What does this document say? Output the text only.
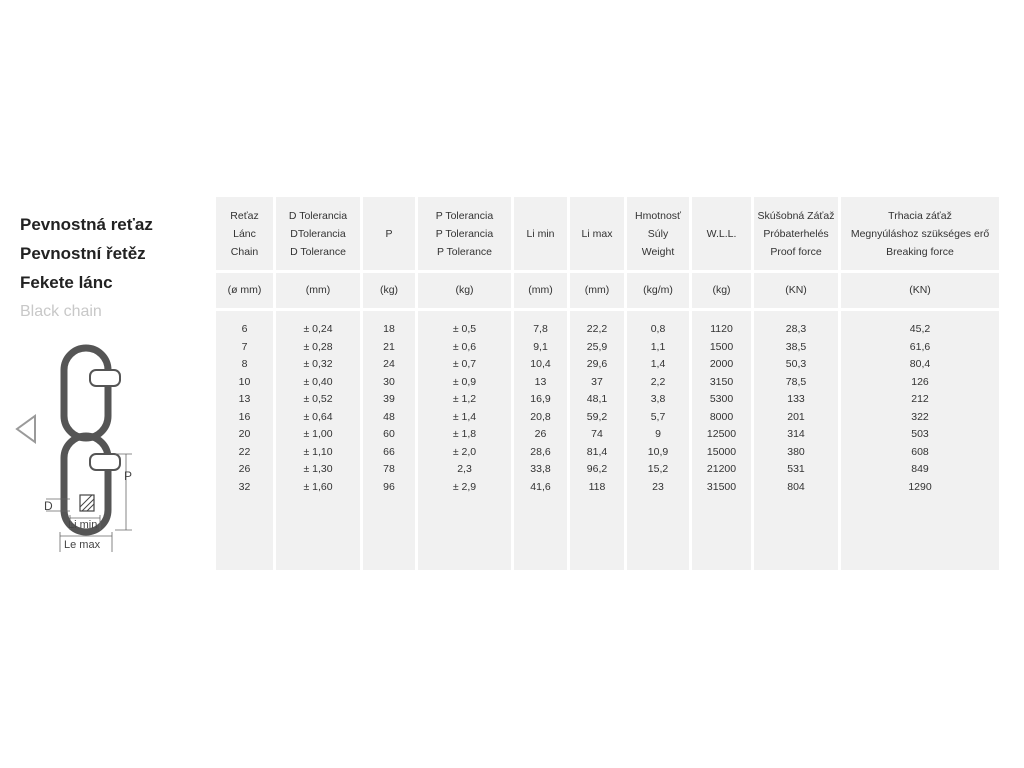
Pevnostná reťaz
Pevnostní řetěz
Fekete lánc
Black chain
P
D
Li min
Le max
Reťaz
Lánc
Chain
(ø mm)
6
7
8
10
13
16
20
22
26
32
D Tolerancia
DTolerancia
D Tolerance
(mm)
± 0,24
± 0,28
± 0,32
± 0,40
± 0,52
± 0,64
± 1,00
± 1,10
± 1,30
± 1,60
P
(kg)
18
21
24
30
39
48
60
66
78
96
P Tolerancia
P Tolerancia
P Tolerance
(kg)
± 0,5
± 0,6
± 0,7
± 0,9
± 1,2
± 1,4
± 1,8
± 2,0
2,3
± 2,9
Li min
(mm)
7,8
9,1
10,4
13
16,9
20,8
26
28,6
33,8
41,6
Li max
(mm)
22,2
25,9
29,6
37
48,1
59,2
74
81,4
96,2
118
Hmotnosť
Súly
Weight
(kg/m)
0,8
1,1
1,4
2,2
3,8
5,7
9
10,9
15,2
23
W.L.L.
(kg)
1120
1500
2000
3150
5300
8000
12500
15000
21200
31500
Skúšobná Záťaž
Próbaterhelés
Proof force
(KN)
28,3
38,5
50,3
78,5
133
201
314
380
531
804
Trhacia záťaž
Megnyúláshoz szükséges erő
Breaking force
(KN)
45,2
61,6
80,4
126
212
322
503
608
849
1290
